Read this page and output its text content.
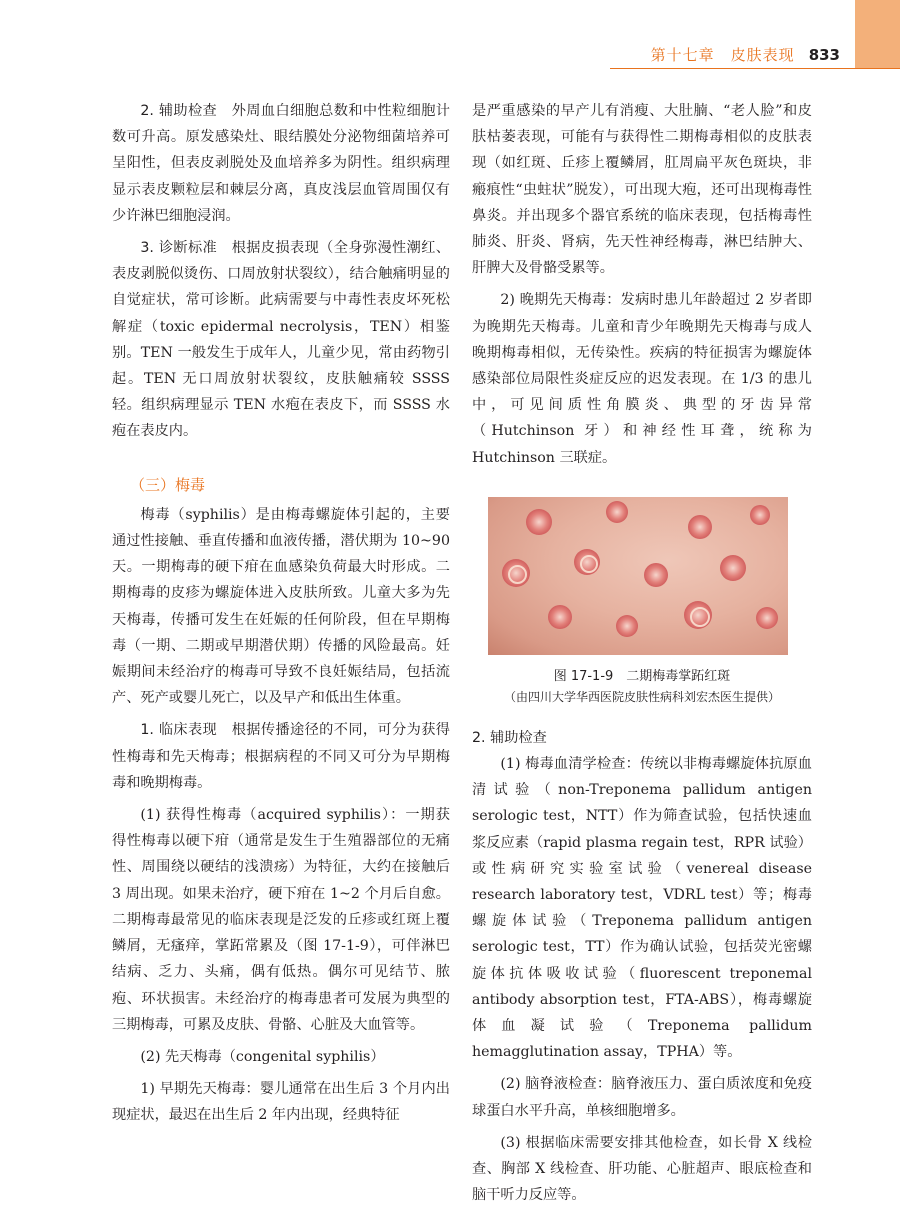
第十七章　皮肤表现 833

2. 辅助检查　 外周血白细胞总数和中性粒细胞计数可升高。原发感染灶、眼结膜处分泌物细菌培养可呈阳性，但表皮剥脱处及血培养多为阴性。组织病理显示表皮颗粒层和棘层分离，真皮浅层血管周围仅有少许淋巴细胞浸润。

3. 诊断标准　 根据皮损表现（全身弥漫性潮红、表皮剥脱似烫伤、口周放射状裂纹），结合触痛明显的自觉症状，常可诊断。此病需要与中毒性表皮坏死松解症（toxic epidermal necrolysis，TEN）相鉴别。TEN 一般发生于成年人，儿童少见，常由药物引起。TEN 无口周放射状裂纹，皮肤触痛较 SSSS 轻。组织病理显示 TEN 水疱在表皮下，而 SSSS 水疱在表皮内。

（三）梅毒

梅毒（syphilis）是由梅毒螺旋体引起的，主要通过性接触、垂直传播和血液传播，潜伏期为 10~90 天。一期梅毒的硬下疳在血感染负荷最大时形成。二期梅毒的皮疹为螺旋体进入皮肤所致。儿童大多为先天梅毒，传播可发生在妊娠的任何阶段，但在早期梅毒（一期、二期或早期潜伏期）传播的风险最高。妊娠期间未经治疗的梅毒可导致不良妊娠结局，包括流产、死产或婴儿死亡，以及早产和低出生体重。

1. 临床表现　 根据传播途径的不同，可分为获得性梅毒和先天梅毒；根据病程的不同又可分为早期梅毒和晚期梅毒。

(1) 获得性梅毒（acquired syphilis）：一期获得性梅毒以硬下疳（通常是发生于生殖器部位的无痛性、周围绕以硬结的浅溃疡）为特征，大约在接触后 3 周出现。如果未治疗，硬下疳在 1~2 个月后自愈。二期梅毒最常见的临床表现是泛发的丘疹或红斑上覆鳞屑，无瘙痒，掌跖常累及（图 17-1-9），可伴淋巴结病、乏力、头痛，偶有低热。偶尔可见结节、脓疱、环状损害。未经治疗的梅毒患者可发展为典型的三期梅毒，可累及皮肤、骨骼、心脏及大血管等。

(2) 先天梅毒（congenital syphilis）

1) 早期先天梅毒：婴儿通常在出生后 3 个月内出现症状，最迟在出生后 2 年内出现，经典特征

是严重感染的早产儿有消瘦、大肚腩、“老人脸”和皮肤枯萎表现，可能有与获得性二期梅毒相似的皮肤表现（如红斑、丘疹上覆鳞屑，肛周扁平灰色斑块，非瘢痕性“虫蛀状”脱发），可出现大疱，还可出现梅毒性鼻炎。并出现多个器官系统的临床表现，包括梅毒性肺炎、肝炎、肾病，先天性神经梅毒，淋巴结肿大、肝脾大及骨骼受累等。

2) 晚期先天梅毒：发病时患儿年龄超过 2 岁者即为晚期先天梅毒。儿童和青少年晚期先天梅毒与成人晚期梅毒相似，无传染性。疾病的特征损害为螺旋体感染部位局限性炎症反应的迟发表现。在 1/3 的患儿中，可见间质性角膜炎、典型的牙齿异常（Hutchinson 牙）和神经性耳聋，统称为 Hutchinson 三联症。

图 17-1-9　二期梅毒掌跖红斑
（由四川大学华西医院皮肤性病科刘宏杰医生提供）
2. 辅助检查

(1) 梅毒血清学检查：传统以非梅毒螺旋体抗原血清试验（non-Treponema pallidum antigen serologic test，NTT）作为筛查试验，包括快速血浆反应素（rapid plasma regain test，RPR 试验）或性病研究实验室试验（venereal disease research laboratory test，VDRL test）等；梅毒螺旋体试验（Treponema pallidum antigen serologic test，TT）作为确认试验，包括荧光密螺旋体抗体吸收试验（fluorescent treponemal antibody absorption test，FTA-ABS），梅毒螺旋体血凝试验（Treponema pallidum hemagglutination assay，TPHA）等。

(2) 脑脊液检查：脑脊液压力、蛋白质浓度和免疫球蛋白水平升高，单核细胞增多。

(3) 根据临床需要安排其他检查，如长骨 X 线检查、胸部 X 线检查、肝功能、心脏超声、眼底检查和脑干听力反应等。
